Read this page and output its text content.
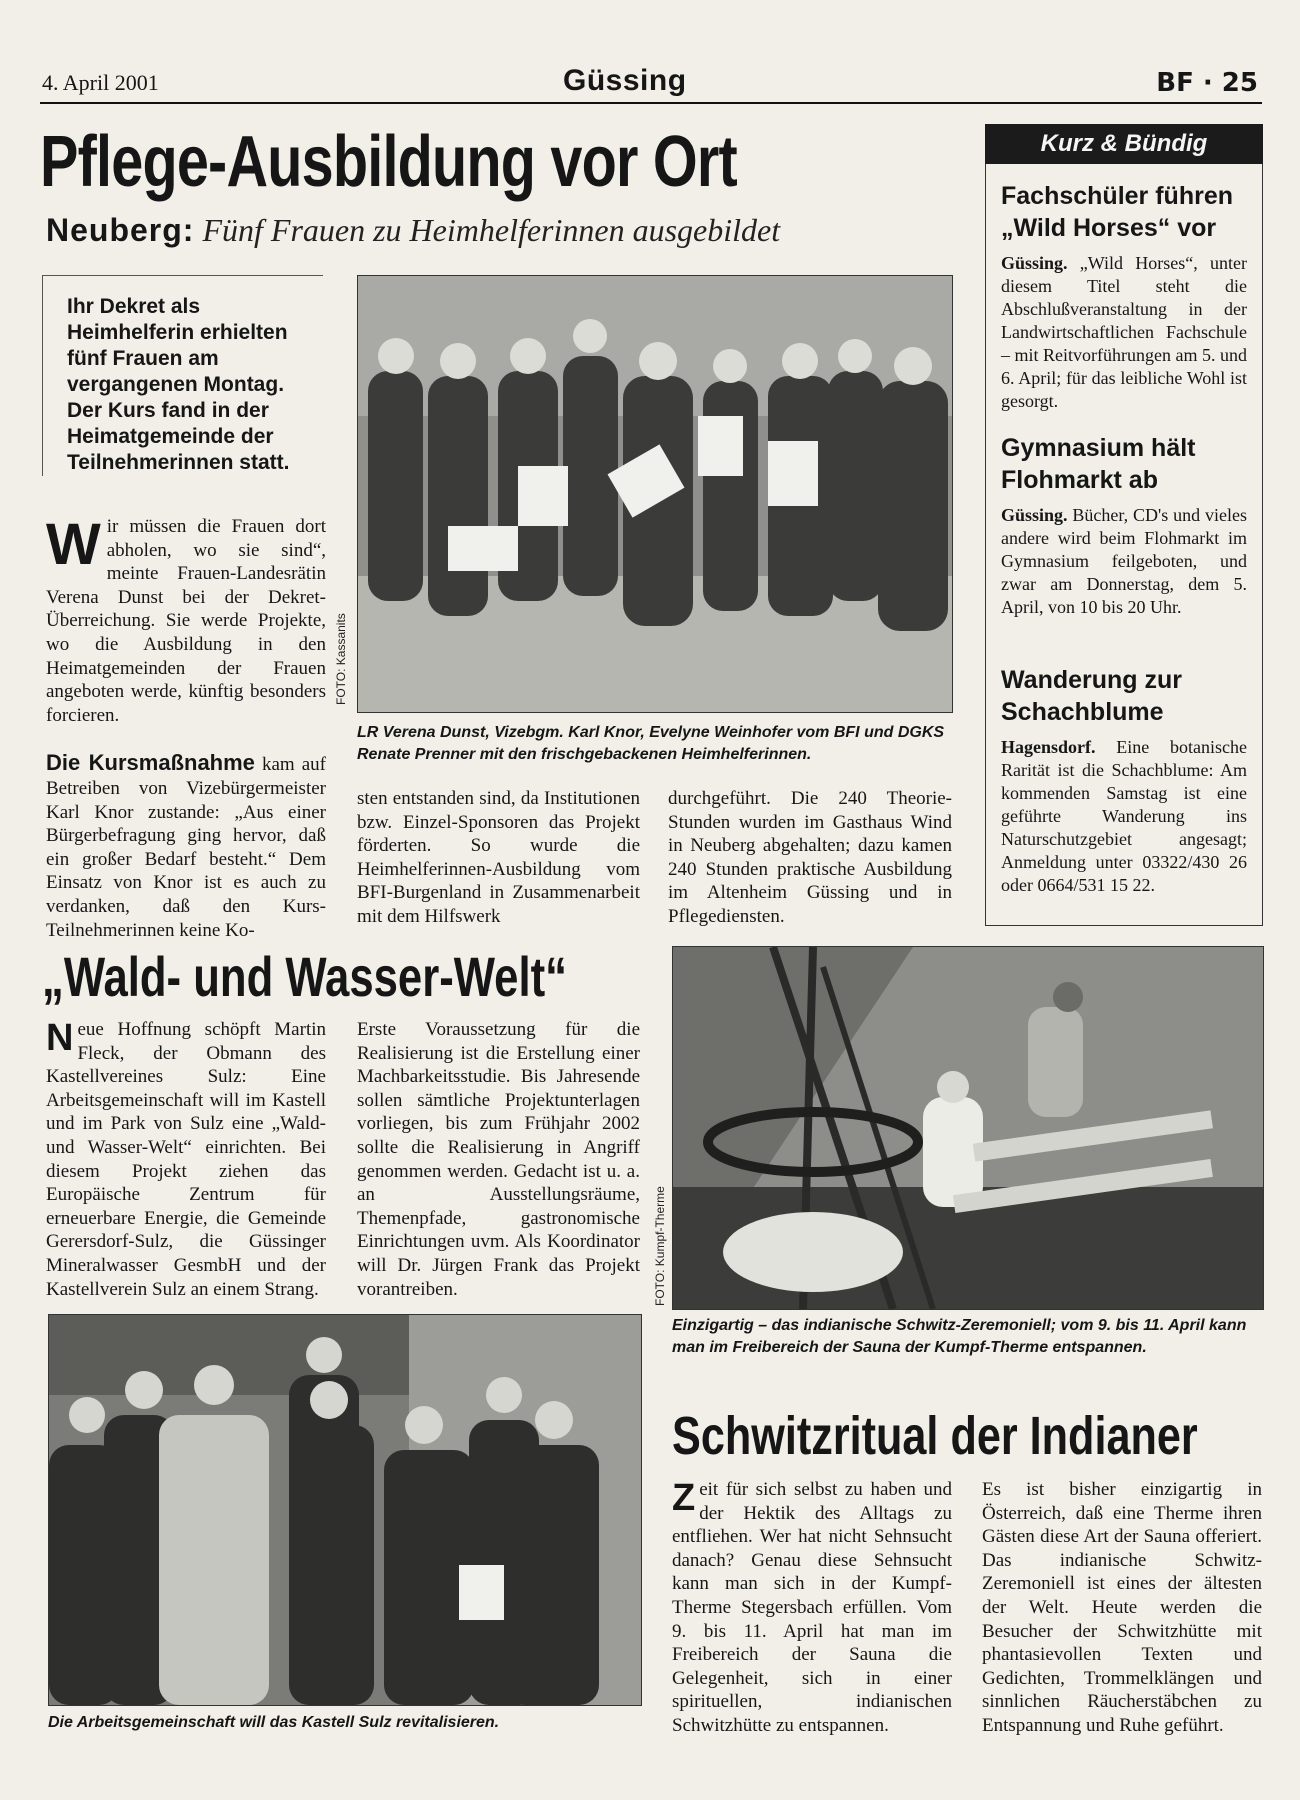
4. April 2001	Güssing	BF · 25
Pflege-Ausbildung vor Ort
Neuberg: Fünf Frauen zu Heimhelferinnen ausgebildet

Ihr Dekret als Heimhelferin erhielten fünf Frauen am vergangenen Montag. Der Kurs fand in der Heimatgemeinde der Teilnehmerinnen statt.

W ir müssen die Frauen dort abholen, wo sie sind“, meinte Frauen-Landesrätin Verena Dunst bei der Dekret-Überreichung. Sie werde Projekte, wo die Ausbildung in den Heimatgemeinden der Frauen angeboten werde, künftig besonders forcieren.

Die Kursmaßnahme kam auf Betreiben von Vizebürgermeister Karl Knor zustande: „Aus einer Bürgerbefragung ging hervor, daß ein großer Bedarf besteht.“ Dem Einsatz von Knor ist es auch zu verdanken, daß den Kurs-Teilnehmerinnen keine Ko-

FOTO: Kassanits
LR Verena Dunst, Vizebgm. Karl Knor, Evelyne Weinhofer vom BFI und DGKS Renate Prenner mit den frischgebackenen Heimhelferinnen.

sten entstanden sind, da Institutionen bzw. Einzel-Sponsoren das Projekt förderten. So wurde die Heimhelferinnen-Ausbildung vom BFI-Burgenland in Zusammenarbeit mit dem Hilfswerk

durchgeführt. Die 240 Theorie-Stunden wurden im Gasthaus Wind in Neuberg abgehalten; dazu kamen 240 Stunden praktische Ausbildung im Altenheim Güssing und in Pflegediensten.

Kurz & Bündig
Fachschüler führen „Wild Horses“ vor

Güssing. „Wild Horses“, unter diesem Titel steht die Abschlußveranstaltung in der Landwirtschaftlichen Fachschule – mit Reitvorführungen am 5. und 6. April; für das leibliche Wohl ist gesorgt.

Gymnasium hält Flohmarkt ab

Güssing. Bücher, CD's und vieles andere wird beim Flohmarkt im Gymnasium feilgeboten, und zwar am Donnerstag, dem 5. April, von 10 bis 20 Uhr.

Wanderung zur Schachblume

Hagensdorf. Eine botanische Rarität ist die Schachblume: Am kommenden Samstag ist eine geführte Wanderung ins Naturschutzgebiet angesagt; Anmeldung unter 03322/430 26 oder 0664/531 15 22.

„Wald- und Wasser-Welt“
N eue Hoffnung schöpft Martin Fleck, der Obmann des Kastellvereines Sulz: Eine Arbeitsgemeinschaft will im Kastell und im Park von Sulz eine „Wald- und Wasser-Welt“ einrichten. Bei diesem Projekt ziehen das Europäische Zentrum für erneuerbare Energie, die Gemeinde Gerersdorf-Sulz, die Güssinger Mineralwasser GesmbH und der Kastellverein Sulz an einem Strang.

Erste Voraussetzung für die Realisierung ist die Erstellung einer Machbarkeitsstudie. Bis Jahresende sollen sämtliche Projektunterlagen vorliegen, bis zum Frühjahr 2002 sollte die Realisierung in Angriff genommen werden. Gedacht ist u. a. an Ausstellungsräume, Themenpfade, gastronomische Einrichtungen uvm. Als Koordinator will Dr. Jürgen Frank das Projekt vorantreiben.

Die Arbeitsgemeinschaft will das Kastell Sulz revitalisieren.
FOTO: Kumpf-Therme
Einzigartig – das indianische Schwitz-Zeremoniell; vom 9. bis 11. April kann man im Freibereich der Sauna der Kumpf-Therme entspannen.
Schwitzritual der Indianer
Z eit für sich selbst zu haben und der Hektik des Alltags zu entfliehen. Wer hat nicht Sehnsucht danach? Genau diese Sehnsucht kann man sich in der Kumpf-Therme Stegersbach erfüllen. Vom 9. bis 11. April hat man im Freibereich der Sauna die Gelegenheit, sich in einer spirituellen, indianischen Schwitzhütte zu entspannen.

Es ist bisher einzigartig in Österreich, daß eine Therme ihren Gästen diese Art der Sauna offeriert. Das indianische Schwitz-Zeremoniell ist eines der ältesten der Welt. Heute werden die Besucher der Schwitzhütte mit phantasievollen Texten und Gedichten, Trommelklängen und sinnlichen Räucherstäbchen zu Entspannung und Ruhe geführt.
